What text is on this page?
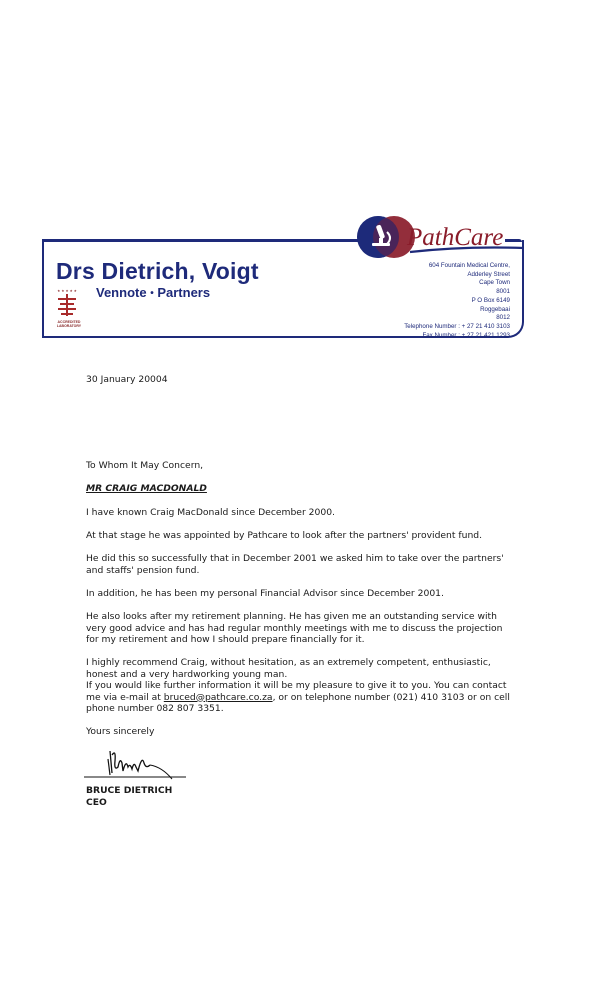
PathCare
Drs Dietrich, Voigt
Vennote • Partners
★ ★ ★ ★ ★
ACCREDITED LABORATORY
604 Fountain Medical Centre,
Adderley Street
Cape Town
8001
P O Box 6149
Roggebaai
8012
Telephone Number : + 27 21 410 3103
Fax Number : + 27 21 421 1293
30 January 20004
To Whom It May Concern,
MR CRAIG MACDONALD
I have known Craig MacDonald since December 2000.
At that stage he was appointed by Pathcare to look after the partners' provident fund.
He did this so successfully that in December 2001 we asked him to take over the partners' and staffs' pension fund.
In addition, he has been my personal Financial Advisor since December 2001.
He also looks after my retirement planning. He has given me an outstanding service with very good advice and has had regular monthly meetings with me to discuss the projection for my retirement and how I should prepare financially for it.
I highly recommend Craig, without hesitation, as an extremely competent, enthusiastic, honest and a very hardworking young man.
If you would like further information it will be my pleasure to give it to you. You can contact me via e-mail at bruced@pathcare.co.za, or on telephone number (021) 410 3103 or on cell phone number 082 807 3351.
Yours sincerely
BRUCE DIETRICH
CEO
